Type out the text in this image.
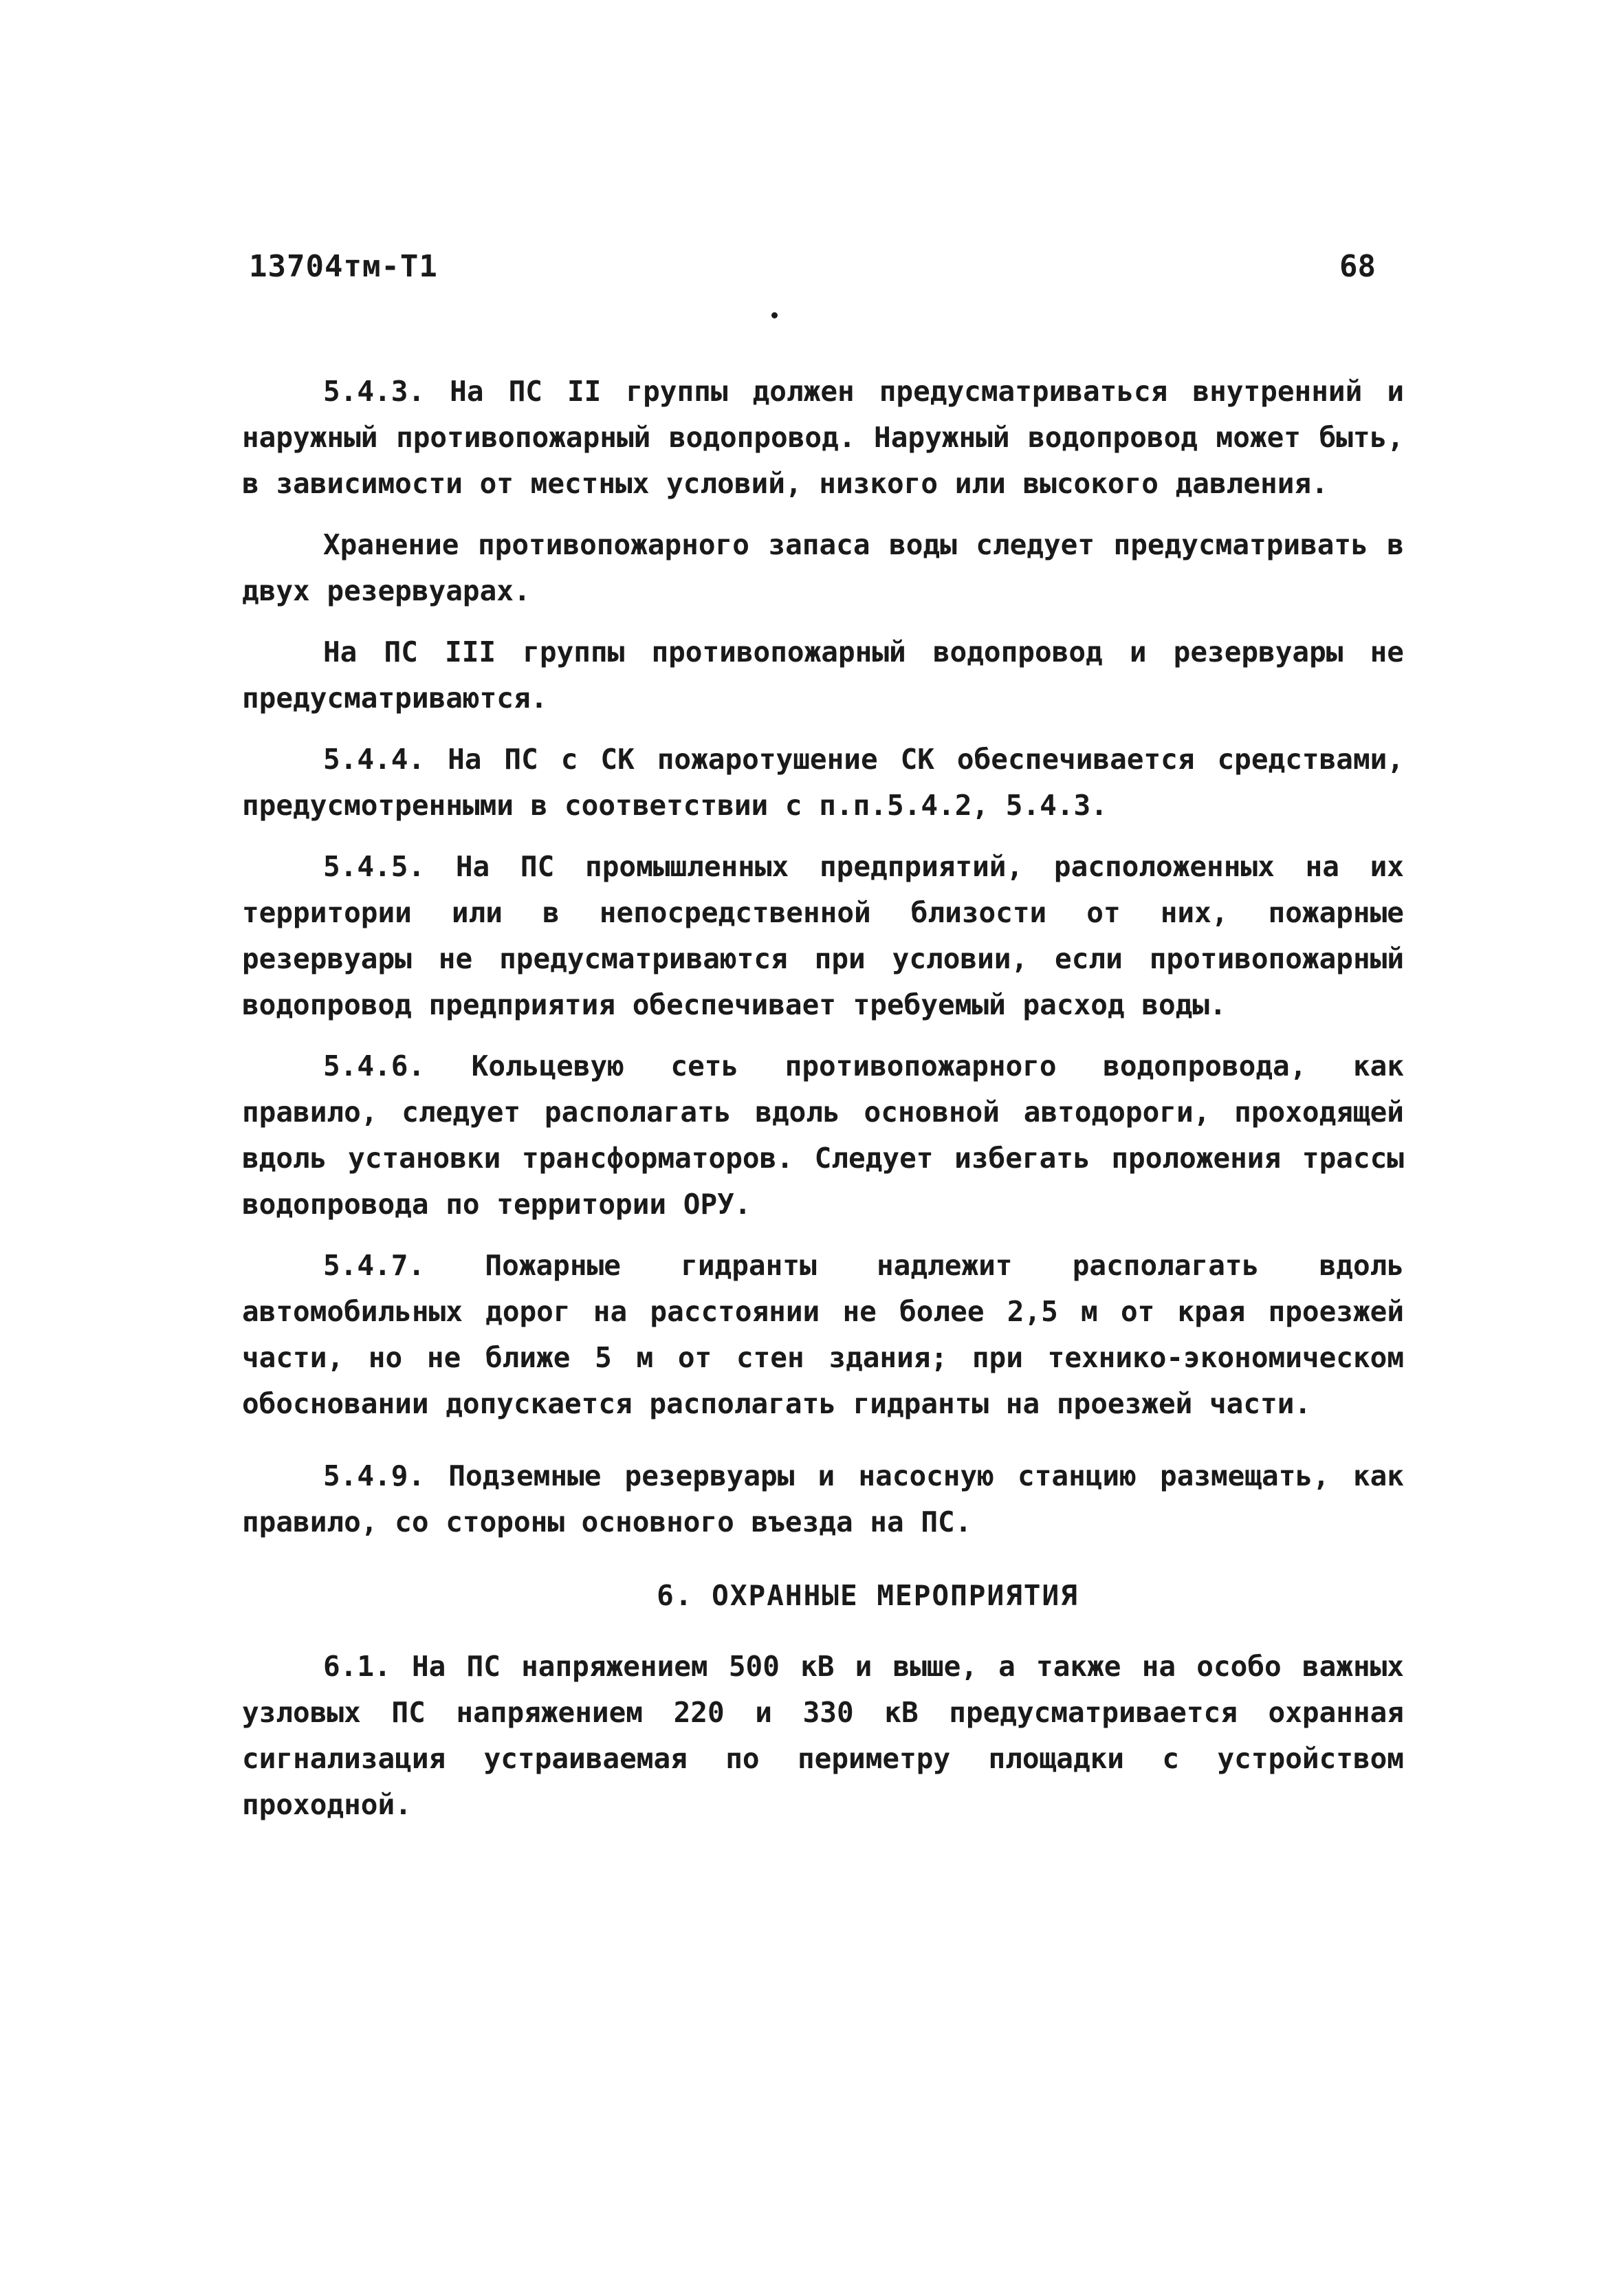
13704тм-Т1	68

5.4.3. На ПС II группы должен предусматриваться внутренний и наружный противопожарный водопровод. Наружный водопровод может быть, в зависимости от местных условий, низкого или высокого давления.

Хранение противопожарного запаса воды следует предусматривать в двух резервуарах.

На ПС III группы противопожарный водопровод и резервуары не предусматриваются.

5.4.4. На ПС с СК пожаротушение СК обеспечивается средствами, предусмотренными в соответствии с п.п.5.4.2, 5.4.3.

5.4.5. На ПС промышленных предприятий, расположенных на их территории или в непосредственной близости от них, пожарные резервуары не предусматриваются при условии, если противопожарный водопровод предприятия обеспечивает требуемый расход воды.

5.4.6. Кольцевую сеть противопожарного водопровода, как правило, следует располагать вдоль основной автодороги, проходящей вдоль установки трансформаторов. Следует избегать проложения трассы водопровода по территории ОРУ.

5.4.7. Пожарные гидранты надлежит располагать вдоль автомобильных дорог на расстоянии не более 2,5 м от края проезжей части, но не ближе 5 м от стен здания; при технико-экономическом обосновании допускается располагать гидранты на проезжей части.

5.4.9. Подземные резервуары и насосную станцию размещать, как правило, со стороны основного въезда на ПС.

6. ОХРАННЫЕ МЕРОПРИЯТИЯ

6.1. На ПС напряжением 500 кВ и выше, а также на особо важных узловых ПС напряжением 220 и 330 кВ предусматривается охранная сигнализация устраиваемая по периметру площадки с устройством проходной.
